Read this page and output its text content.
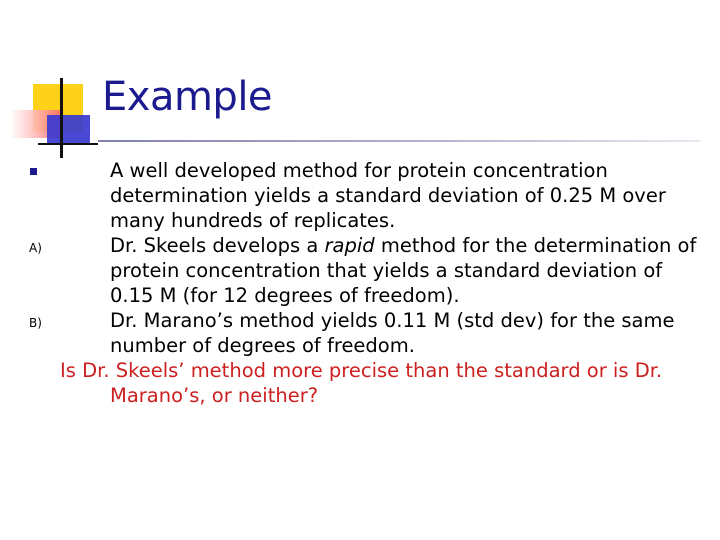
Example
A well developed method for protein concentration determination yields a standard deviation of 0.25 M over many hundreds of replicates.
A)	Dr. Skeels develops a rapid method for the determination of protein concentration that yields a standard deviation of 0.15 M (for 12 degrees of freedom).
B)	Dr. Marano’s method yields 0.11 M (std dev) for the same number of degrees of freedom.
Is Dr. Skeels’ method more precise than the standard or is Dr. Marano’s, or neither?
